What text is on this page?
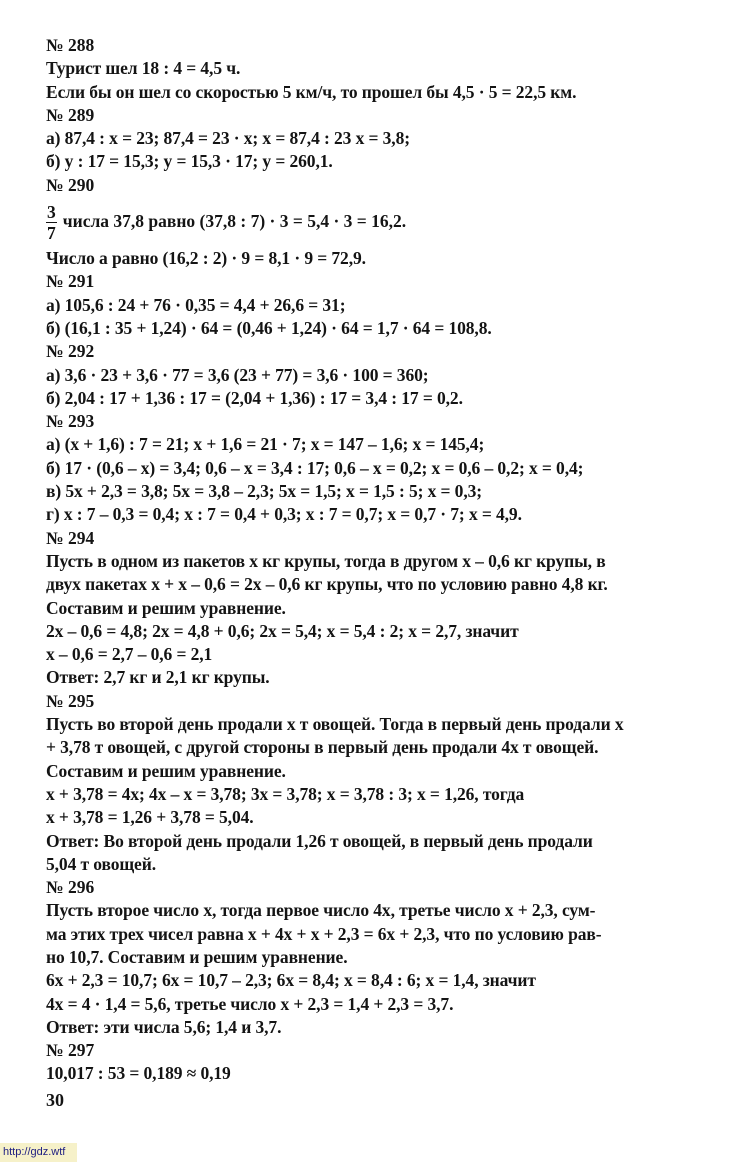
№ 288
Турист шел 18 : 4 = 4,5 ч.
Если бы он шел со скоростью 5 км/ч, то прошел бы 4,5 · 5 = 22,5 км.
№ 289
а) 87,4 : x = 23; 87,4 = 23 · x; x = 87,4 : 23 x = 3,8;
б) y : 17 = 15,3; y = 15,3 · 17; y = 260,1.
№ 290
$\frac{3}{7}$ числа 37,8 равно (37,8 : 7) · 3 = 5,4 · 3 = 16,2.
Число a равно (16,2 : 2) · 9 = 8,1 · 9 = 72,9.
№ 291
а) 105,6 : 24 + 76 · 0,35 = 4,4 + 26,6 = 31;
б) (16,1 : 35 + 1,24) · 64 = (0,46 + 1,24) · 64 = 1,7 · 64 = 108,8.
№ 292
а) 3,6 · 23 + 3,6 · 77 = 3,6 (23 + 77) = 3,6 · 100 = 360;
б) 2,04 : 17 + 1,36 : 17 = (2,04 + 1,36) : 17 = 3,4 : 17 = 0,2.
№ 293
а) (x + 1,6) : 7 = 21; x + 1,6 = 21 · 7; x = 147 – 1,6; x = 145,4;
б) 17 · (0,6 – x) = 3,4; 0,6 – x = 3,4 : 17; 0,6 – x = 0,2; x = 0,6 – 0,2; x = 0,4;
в) 5x + 2,3 = 3,8; 5x = 3,8 – 2,3; 5x = 1,5; x = 1,5 : 5; x = 0,3;
г) x : 7 – 0,3 = 0,4; x : 7 = 0,4 + 0,3; x : 7 = 0,7; x = 0,7 · 7; x = 4,9.
№ 294
Пусть в одном из пакетов x кг крупы, тогда в другом x – 0,6 кг крупы, в
двух пакетах x + x – 0,6 = 2x – 0,6 кг крупы, что по условию равно 4,8 кг.
Составим и решим уравнение.
2x – 0,6 = 4,8; 2x = 4,8 + 0,6; 2x = 5,4; x = 5,4 : 2; x = 2,7, значит
x – 0,6 = 2,7 – 0,6 = 2,1
Ответ: 2,7 кг и 2,1 кг крупы.
№ 295
Пусть во второй день продали x т овощей. Тогда в первый день продали x
+ 3,78 т овощей, с другой стороны в первый день продали 4x т овощей.
Составим и решим уравнение.
x + 3,78 = 4x; 4x – x = 3,78; 3x = 3,78; x = 3,78 : 3; x = 1,26, тогда
x + 3,78 = 1,26 + 3,78 = 5,04.
Ответ: Во второй день продали 1,26 т овощей, в первый день продали
5,04 т овощей.
№ 296
Пусть второе число x, тогда первое число 4x, третье число x + 2,3, сум-
ма этих трех чисел равна x + 4x + x + 2,3 = 6x + 2,3, что по условию рав-
но 10,7. Составим и решим уравнение.
6x + 2,3 = 10,7; 6x = 10,7 – 2,3; 6x = 8,4; x = 8,4 : 6; x = 1,4, значит
4x = 4 · 1,4 = 5,6, третье число x + 2,3 = 1,4 + 2,3 = 3,7.
Ответ: эти числа 5,6; 1,4 и 3,7.
№ 297
10,017 : 53 = 0,189 ≈ 0,19
30
http://gdz.wtf
